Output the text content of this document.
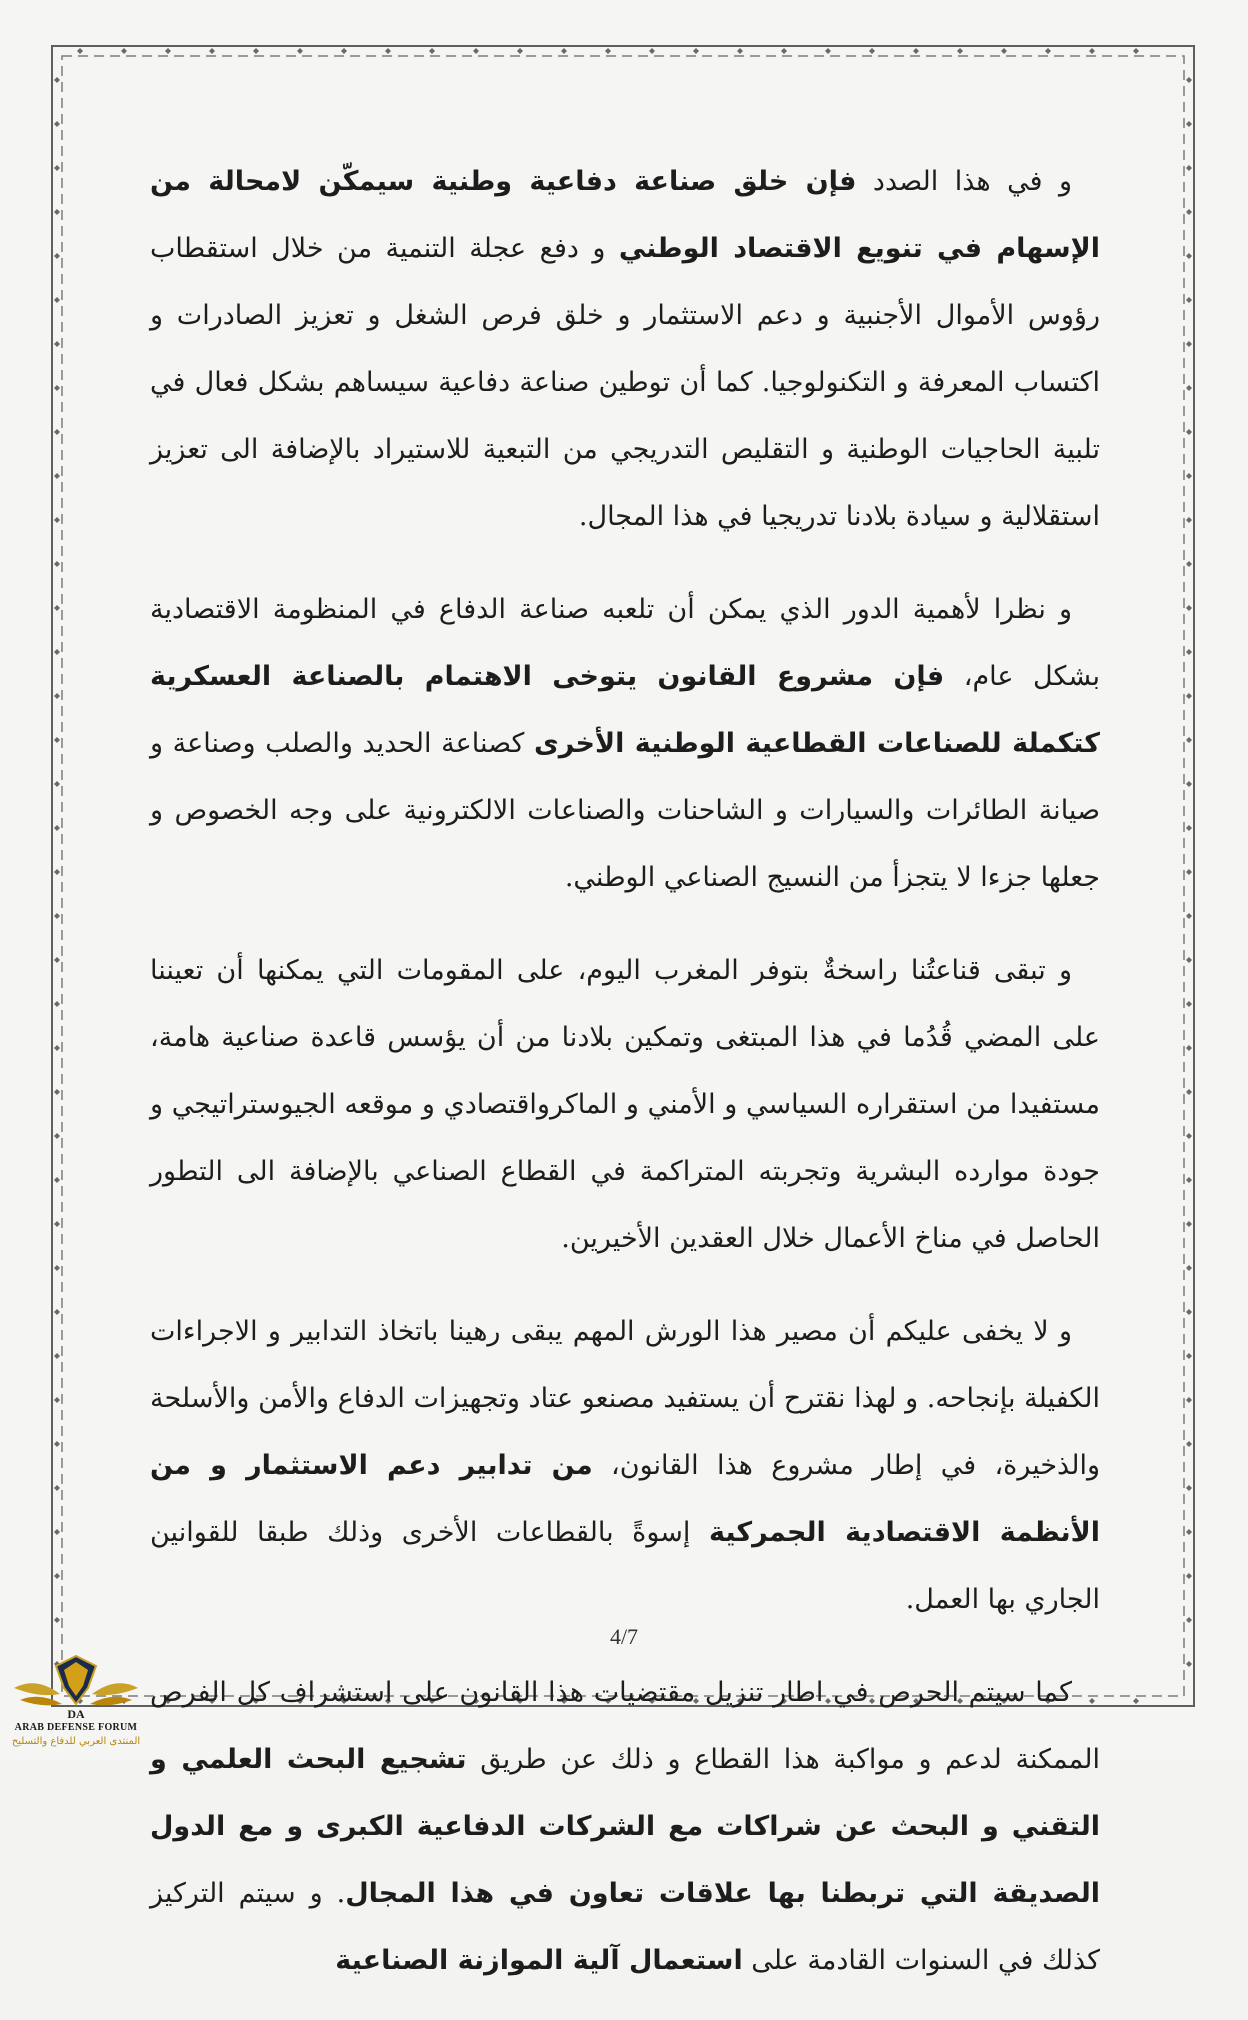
و في هذا الصدد فإن خلق صناعة دفاعية وطنية سيمكّن لامحالة من الإسهام في تنويع الاقتصاد الوطني و دفع عجلة التنمية من خلال استقطاب رؤوس الأموال الأجنبية و دعم الاستثمار و خلق فرص الشغل و تعزيز الصادرات و اكتساب المعرفة و التكنولوجيا. كما أن توطين صناعة دفاعية سيساهم بشكل فعال في تلبية الحاجيات الوطنية و التقليص التدريجي من التبعية للاستيراد بالإضافة الى تعزيز استقلالية و سيادة بلادنا تدريجيا في هذا المجال.

و نظرا لأهمية الدور الذي يمكن أن تلعبه صناعة الدفاع في المنظومة الاقتصادية بشكل عام، فإن مشروع القانون يتوخى الاهتمام بالصناعة العسكرية كتكملة للصناعات القطاعية الوطنية الأخرى كصناعة الحديد والصلب وصناعة و صيانة الطائرات والسيارات و الشاحنات والصناعات الالكترونية على وجه الخصوص و جعلها جزءا لا يتجزأ من النسيج الصناعي الوطني.

و تبقى قناعتُنا راسخةٌ بتوفر المغرب اليوم، على المقومات التي يمكنها أن تعيننا على المضي قُدُما في هذا المبتغى وتمكين بلادنا من أن يؤسس قاعدة صناعية هامة، مستفيدا من استقراره السياسي و الأمني و الماكرواقتصادي و موقعه الجيوستراتيجي و جودة موارده البشرية وتجربته المتراكمة في القطاع الصناعي بالإضافة الى التطور الحاصل في مناخ الأعمال خلال العقدين الأخيرين.

و لا يخفى عليكم أن مصير هذا الورش المهم يبقى رهينا باتخاذ التدابير و الاجراءات الكفيلة بإنجاحه. و لهذا نقترح أن يستفيد مصنعو عتاد وتجهيزات الدفاع والأمن والأسلحة والذخيرة، في إطار مشروع هذا القانون، من تدابير دعم الاستثمار و من الأنظمة الاقتصادية الجمركية إسوةً بالقطاعات الأخرى وذلك طبقا للقوانين الجاري بها العمل.

كما سيتم الحرص في اطار تنزيل مقتضيات هذا القانون على استشراف كل الفرص الممكنة لدعم و مواكبة هذا القطاع و ذلك عن طريق تشجيع البحث العلمي و التقني و البحث عن شراكات مع الشركات الدفاعية الكبرى و مع الدول الصديقة التي تربطنا بها علاقات تعاون في هذا المجال. و سيتم التركيز كذلك في السنوات القادمة على استعمال آلية الموازنة الصناعية

4/7
DA
ARAB DEFENSE FORUM
المنتدى العربي للدفاع والتسليح
